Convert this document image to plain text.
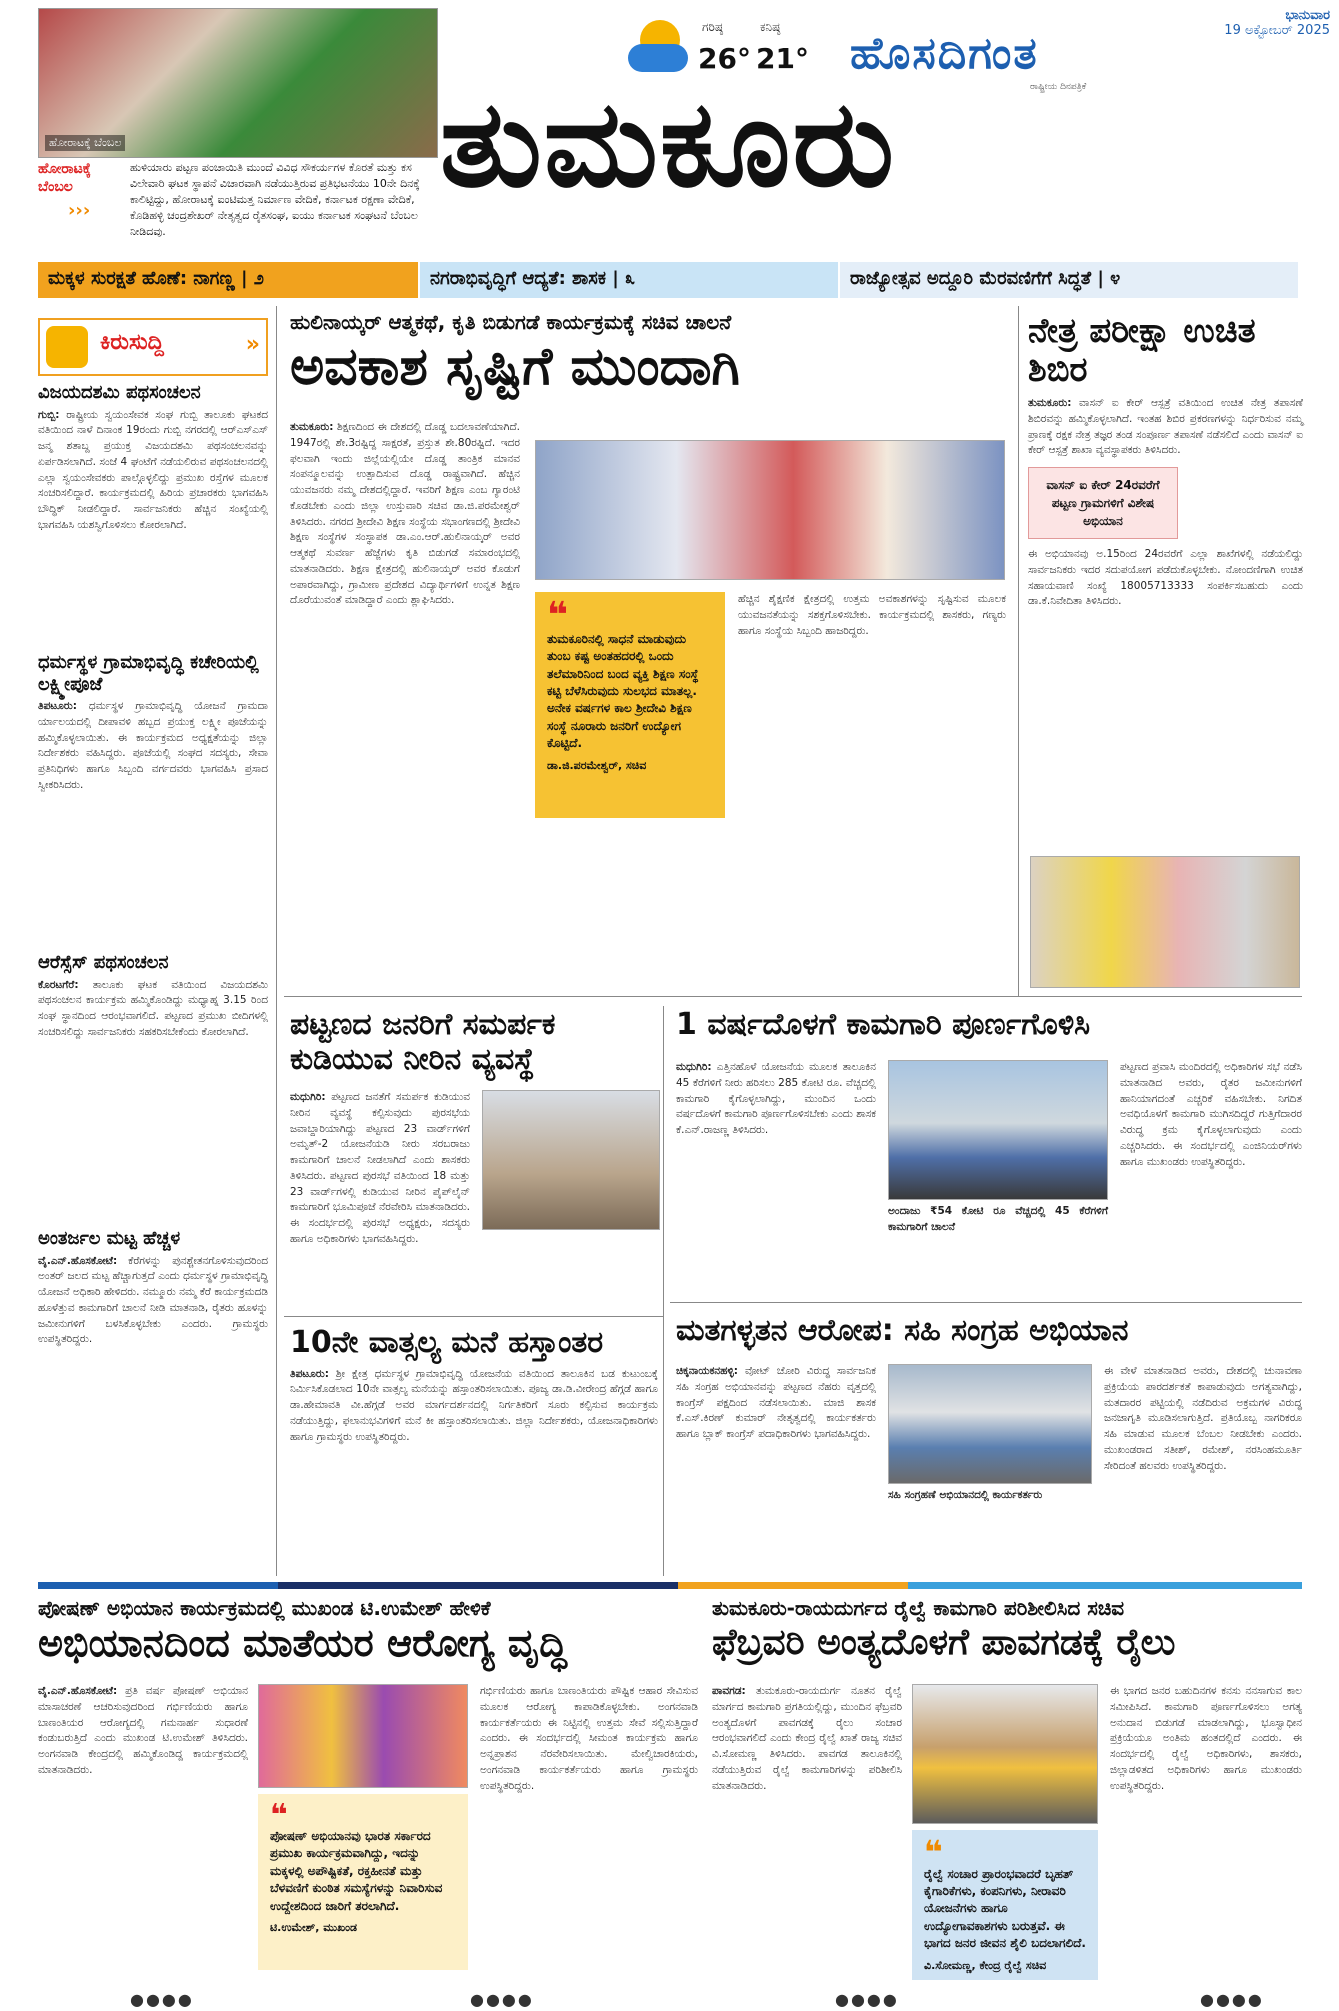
ಹೋರಾಟಕ್ಕೆ ಬೆಂಬಲ
ಗರಿಷ್ಠ
26°
ಕನಿಷ್ಠ
21° ಹೊಸದಿಗಂತ
ರಾಷ್ಟ್ರೀಯ ದಿನಪತ್ರಿಕೆ
ಭಾನುವಾರ
19 ಅಕ್ಟೋಬರ್ 2025
ತುಮಕೂರು
ಹೋರಾಟಕ್ಕೆ ಬೆಂಬಲ
›››
ಹುಳಿಯಾರು ಪಟ್ಟಣ ಪಂಚಾಯಿತಿ ಮುಂದೆ ವಿವಿಧ ಸೌಕರ್ಯಗಳ ಕೊರತೆ ಮತ್ತು ಕಸ ವಿಲೇವಾರಿ ಘಟಕ ಸ್ಥಾಪನೆ ವಿಚಾರವಾಗಿ ನಡೆಯುತ್ತಿರುವ ಪ್ರತಿಭಟನೆಯು 10ನೇ ದಿನಕ್ಕೆ ಕಾಲಿಟ್ಟಿದ್ದು, ಹೋರಾಟಕ್ಕೆ ಐಂಟಿಮತ್ತ ನಿರ್ಮಾಣ ವೇದಿಕೆ, ಕರ್ನಾಟಕ ರಕ್ಷಣಾ ವೇದಿಕೆ, ಕೊಡಿಹಳ್ಳಿ ಚಂದ್ರಶೇಖರ್ ನೇತೃತ್ವದ ರೈತಸಂಘ, ಐಯು ಕರ್ನಾಟಕ ಸಂಘಟನೆ ಬೆಂಬಲ ನೀಡಿದವು.
ಮಕ್ಕಳ ಸುರಕ್ಷತೆ ಹೊಣೆ: ನಾಗಣ್ಣ | ೨	ನಗರಾಭಿವೃದ್ಧಿಗೆ ಆದ್ಯತೆ: ಶಾಸಕ | ೩	ರಾಜ್ಯೋತ್ಸವ ಅದ್ದೂರಿ ಮೆರವಣಿಗೆಗೆ ಸಿದ್ಧತೆ | ೪
ಕಿರುಸುದ್ದಿ	»
ವಿಜಯದಶಮಿ ಪಥಸಂಚಲನ
ಗುಬ್ಬಿ: ರಾಷ್ಟ್ರೀಯ ಸ್ವಯಂಸೇವಕ ಸಂಘ ಗುಬ್ಬಿ ತಾಲೂಕು ಘಟಕದ ವತಿಯಿಂದ ನಾಳೆ ದಿನಾಂಕ 19ರಂದು ಗುಬ್ಬಿ ನಗರದಲ್ಲಿ ಆರ್‌ಎಸ್‌ಎಸ್ ಜನ್ಮ ಶತಾಬ್ದ ಪ್ರಯುಕ್ತ ವಿಜಯದಶಮಿ ಪಥಸಂಚಲನವನ್ನು ಏರ್ಪಡಿಸಲಾಗಿದೆ. ಸಂಜೆ 4 ಘಂಟೆಗೆ ನಡೆಯಲಿರುವ ಪಥಸಂಚಲನದಲ್ಲಿ ಎಲ್ಲಾ ಸ್ವಯಂಸೇವಕರು ಪಾಲ್ಗೊಳ್ಳಲಿದ್ದು ಪ್ರಮುಖ ರಸ್ತೆಗಳ ಮೂಲಕ ಸಂಚರಿಸಲಿದ್ದಾರೆ. ಕಾರ್ಯಕ್ರಮದಲ್ಲಿ ಹಿರಿಯ ಪ್ರಚಾರಕರು ಭಾಗವಹಿಸಿ ಬೌದ್ಧಿಕ್ ನೀಡಲಿದ್ದಾರೆ. ಸಾರ್ವಜನಿಕರು ಹೆಚ್ಚಿನ ಸಂಖ್ಯೆಯಲ್ಲಿ ಭಾಗವಹಿಸಿ ಯಶಸ್ವಿಗೊಳಿಸಲು ಕೋರಲಾಗಿದೆ.
ಧರ್ಮಸ್ಥಳ ಗ್ರಾಮಾಭಿವೃದ್ಧಿ ಕಚೇರಿಯಲ್ಲಿ ಲಕ್ಷ್ಮೀಪೂಜೆ
ತಿಪಟೂರು: ಧರ್ಮಸ್ಥಳ ಗ್ರಾಮಾಭಿವೃದ್ಧಿ ಯೋಜನೆ ಗ್ರಾಮದಾ ರ್ಯಾಲಯದಲ್ಲಿ ದೀಪಾವಳಿ ಹಬ್ಬದ ಪ್ರಯುಕ್ತ ಲಕ್ಷ್ಮೀ ಪೂಜೆಯನ್ನು ಹಮ್ಮಿಕೊಳ್ಳಲಾಯಿತು. ಈ ಕಾರ್ಯಕ್ರಮದ ಅಧ್ಯಕ್ಷತೆಯನ್ನು ಜಿಲ್ಲಾ ನಿರ್ದೇಶಕರು ವಹಿಸಿದ್ದರು. ಪೂಜೆಯಲ್ಲಿ ಸಂಘದ ಸದಸ್ಯರು, ಸೇವಾ ಪ್ರತಿನಿಧಿಗಳು ಹಾಗೂ ಸಿಬ್ಬಂದಿ ವರ್ಗದವರು ಭಾಗವಹಿಸಿ ಪ್ರಸಾದ ಸ್ವೀಕರಿಸಿದರು.
ಆರೆಸ್ಸೆಸ್ ಪಥಸಂಚಲನ
ಕೊರಟಗೆರೆ: ತಾಲೂಕು ಘಟಕ ವತಿಯಿಂದ ವಿಜಯದಶಮಿ ಪಥಸಂಚಲನ ಕಾರ್ಯಕ್ರಮ ಹಮ್ಮಿಕೊಂಡಿದ್ದು ಮಧ್ಯಾಹ್ನ 3.15 ರಿಂದ ಸಂಘ ಸ್ಥಾನದಿಂದ ಆರಂಭವಾಗಲಿದೆ. ಪಟ್ಟಣದ ಪ್ರಮುಖ ಬೀದಿಗಳಲ್ಲಿ ಸಂಚರಿಸಲಿದ್ದು ಸಾರ್ವಜನಿಕರು ಸಹಕರಿಸಬೇಕೆಂದು ಕೋರಲಾಗಿದೆ.
ಅಂತರ್ಜಲ ಮಟ್ಟ ಹೆಚ್ಚಳ
ವೈ.ಎನ್.ಹೊಸಕೋಟೆ: ಕೆರೆಗಳನ್ನು ಪುನಶ್ಚೇತನಗೊಳಿಸುವುದರಿಂದ ಅಂತರ್ ಜಲದ ಮಟ್ಟ ಹೆಚ್ಚಾಗುತ್ತದೆ ಎಂದು ಧರ್ಮಸ್ಥಳ ಗ್ರಾಮಾಭಿವೃದ್ಧಿ ಯೋಜನೆ ಅಧಿಕಾರಿ ಹೇಳಿದರು. ನಮ್ಮೂರು ನಮ್ಮ ಕೆರೆ ಕಾರ್ಯಕ್ರಮದಡಿ ಹೂಳೆತ್ತುವ ಕಾಮಗಾರಿಗೆ ಚಾಲನೆ ನೀಡಿ ಮಾತನಾಡಿ, ರೈತರು ಹೂಳನ್ನು ಜಮೀನುಗಳಿಗೆ ಬಳಸಿಕೊಳ್ಳಬೇಕು ಎಂದರು. ಗ್ರಾಮಸ್ಥರು ಉಪಸ್ಥಿತರಿದ್ದರು.
ಹುಲಿನಾಯ್ಕರ್ ಆತ್ಮಕಥೆ, ಕೃತಿ ಬಿಡುಗಡೆ ಕಾರ್ಯಕ್ರಮಕ್ಕೆ ಸಚಿವ ಚಾಲನೆ
ಅವಕಾಶ ಸೃಷ್ಟಿಗೆ ಮುಂದಾಗಿ
ತುಮಕೂರು: ಶಿಕ್ಷಣದಿಂದ ಈ ದೇಶದಲ್ಲಿ ದೊಡ್ಡ ಬದಲಾವಣೆಯಾಗಿದೆ. 1947ರಲ್ಲಿ ಶೇ.3ರಷ್ಟಿದ್ದ ಸಾಕ್ಷರತೆ, ಪ್ರಸ್ತುತ ಶೇ.80ರಷ್ಟಿದೆ. ಇದರ ಫಲವಾಗಿ ಇಂದು ಜಿಲ್ಲೆಯಲ್ಲಿಯೇ ದೊಡ್ಡ ತಾಂತ್ರಿಕ ಮಾನವ ಸಂಪನ್ಮೂಲವನ್ನು ಉತ್ಪಾದಿಸುವ ದೊಡ್ಡ ರಾಷ್ಟ್ರವಾಗಿದೆ. ಹೆಚ್ಚಿನ ಯುವಜನರು ನಮ್ಮ ದೇಶದಲ್ಲಿದ್ದಾರೆ. ಇವರಿಗೆ ಶಿಕ್ಷಣ ಎಂಬ ಗ್ಯಾರಂಟಿ ಕೊಡಬೇಕು ಎಂದು ಜಿಲ್ಲಾ ಉಸ್ತುವಾರಿ ಸಚಿವ ಡಾ.ಜಿ.ಪರಮೇಶ್ವರ್ ತಿಳಿಸಿದರು. ನಗರದ ಶ್ರೀದೇವಿ ಶಿಕ್ಷಣ ಸಂಸ್ಥೆಯ ಸಭಾಂಗಣದಲ್ಲಿ ಶ್ರೀದೇವಿ ಶಿಕ್ಷಣ ಸಂಸ್ಥೆಗಳ ಸಂಸ್ಥಾಪಕ ಡಾ.ಎಂ.ಆರ್.ಹುಲಿನಾಯ್ಕರ್ ಅವರ ಆತ್ಮಕಥೆ ಸುವರ್ಣ ಹೆಜ್ಜೆಗಳು ಕೃತಿ ಬಿಡುಗಡೆ ಸಮಾರಂಭದಲ್ಲಿ ಮಾತನಾಡಿದರು. ಶಿಕ್ಷಣ ಕ್ಷೇತ್ರದಲ್ಲಿ ಹುಲಿನಾಯ್ಕರ್ ಅವರ ಕೊಡುಗೆ ಅಪಾರವಾಗಿದ್ದು, ಗ್ರಾಮೀಣ ಪ್ರದೇಶದ ವಿದ್ಯಾರ್ಥಿಗಳಿಗೆ ಉನ್ನತ ಶಿಕ್ಷಣ ದೊರೆಯುವಂತೆ ಮಾಡಿದ್ದಾರೆ ಎಂದು ಶ್ಲಾಘಿಸಿದರು.	❝
ತುಮಕೂರಿನಲ್ಲಿ ಸಾಧನೆ ಮಾಡುವುದು ತುಂಬ ಕಷ್ಟ ಅಂತಹದರಲ್ಲಿ ಒಂದು ತಲೆಮಾರಿನಿಂದ ಬಂದ ವ್ಯಕ್ತಿ ಶಿಕ್ಷಣ ಸಂಸ್ಥೆ ಕಟ್ಟಿ ಬೆಳೆಸಿರುವುದು ಸುಲಭದ ಮಾತಲ್ಲ. ಅನೇಕ ವರ್ಷಗಳ ಕಾಲ ಶ್ರೀದೇವಿ ಶಿಕ್ಷಣ ಸಂಸ್ಥೆ ನೂರಾರು ಜನರಿಗೆ ಉದ್ಯೋಗ ಕೊಟ್ಟಿದೆ.
ಡಾ.ಜಿ.ಪರಮೇಶ್ವರ್, ಸಚಿವ
ಹೆಚ್ಚಿನ ಶೈಕ್ಷಣಿಕ ಕ್ಷೇತ್ರದಲ್ಲಿ ಉತ್ತಮ ಅವಕಾಶಗಳನ್ನು ಸೃಷ್ಟಿಸುವ ಮೂಲಕ ಯುವಜನತೆಯನ್ನು ಸಶಕ್ತಗೊಳಿಸಬೇಕು. ಕಾರ್ಯಕ್ರಮದಲ್ಲಿ ಶಾಸಕರು, ಗಣ್ಯರು ಹಾಗೂ ಸಂಸ್ಥೆಯ ಸಿಬ್ಬಂದಿ ಹಾಜರಿದ್ದರು.
ನೇತ್ರ ಪರೀಕ್ಷಾ ಉಚಿತ ಶಿಬಿರ
ತುಮಕೂರು: ವಾಸನ್ ಐ ಕೇರ್ ಆಸ್ಪತ್ರೆ ವತಿಯಿಂದ ಉಚಿತ ನೇತ್ರ ತಪಾಸಣೆ ಶಿಬಿರವನ್ನು ಹಮ್ಮಿಕೊಳ್ಳಲಾಗಿದೆ. ಇಂತಹ ಶಿಬಿರ ಪ್ರಕರಣಗಳನ್ನು ನಿರ್ಧರಿಸುವ ನಮ್ಮ ಪ್ರಾಣಕ್ಕೆ ರಕ್ಷಕ ನೇತ್ರ ತಜ್ಞರ ತಂಡ ಸಂಪೂರ್ಣ ತಪಾಸಣೆ ನಡೆಸಲಿದೆ ಎಂದು ವಾಸನ್ ಐ ಕೇರ್ ಆಸ್ಪತ್ರೆ ಶಾಖಾ ವ್ಯವಸ್ಥಾಪಕರು ತಿಳಿಸಿದರು.
ವಾಸನ್ ಐ ಕೇರ್ 24ರವರೆಗೆ ಪಟ್ಟಣ ಗ್ರಾಮಗಳಿಗೆ ವಿಶೇಷ ಅಭಿಯಾನ
ಈ ಅಭಿಯಾನವು ಅ.15ರಿಂದ 24ರವರೆಗೆ ಎಲ್ಲಾ ಶಾಖೆಗಳಲ್ಲಿ ನಡೆಯಲಿದ್ದು ಸಾರ್ವಜನಿಕರು ಇದರ ಸದುಪಯೋಗ ಪಡೆದುಕೊಳ್ಳಬೇಕು. ನೋಂದಣಿಗಾಗಿ ಉಚಿತ ಸಹಾಯವಾಣಿ ಸಂಖ್ಯೆ 18005713333 ಸಂಪರ್ಕಿಸಬಹುದು ಎಂದು ಡಾ.ಕೆ.ನಿವೇದಿತಾ ತಿಳಿಸಿದರು.
ಪಟ್ಟಣದ ಜನರಿಗೆ ಸಮರ್ಪಕ ಕುಡಿಯುವ ನೀರಿನ ವ್ಯವಸ್ಥೆ
ಮಧುಗಿರಿ: ಪಟ್ಟಣದ ಜನತೆಗೆ ಸಮರ್ಪಕ ಕುಡಿಯುವ ನೀರಿನ ವ್ಯವಸ್ಥೆ ಕಲ್ಪಿಸುವುದು ಪುರಸಭೆಯ ಜವಾಬ್ದಾರಿಯಾಗಿದ್ದು ಪಟ್ಟಣದ 23 ವಾರ್ಡ್‌ಗಳಿಗೆ ಅಮೃತ್-2 ಯೋಜನೆಯಡಿ ನೀರು ಸರಬರಾಜು ಕಾಮಗಾರಿಗೆ ಚಾಲನೆ ನೀಡಲಾಗಿದೆ ಎಂದು ಶಾಸಕರು ತಿಳಿಸಿದರು. ಪಟ್ಟಣದ ಪುರಸಭೆ ವತಿಯಿಂದ 18 ಮತ್ತು 23 ವಾರ್ಡ್‌ಗಳಲ್ಲಿ ಕುಡಿಯುವ ನೀರಿನ ಪೈಪ್‌ಲೈನ್ ಕಾಮಗಾರಿಗೆ ಭೂಮಿಪೂಜೆ ನೆರವೇರಿಸಿ ಮಾತನಾಡಿದರು. ಈ ಸಂದರ್ಭದಲ್ಲಿ ಪುರಸಭೆ ಅಧ್ಯಕ್ಷರು, ಸದಸ್ಯರು ಹಾಗೂ ಅಧಿಕಾರಿಗಳು ಭಾಗವಹಿಸಿದ್ದರು.
1 ವರ್ಷದೊಳಗೆ ಕಾಮಗಾರಿ ಪೂರ್ಣಗೊಳಿಸಿ
ಮಧುಗಿರಿ: ಎತ್ತಿನಹೊಳೆ ಯೋಜನೆಯ ಮೂಲಕ ತಾಲೂಕಿನ 45 ಕೆರೆಗಳಿಗೆ ನೀರು ಹರಿಸಲು 285 ಕೋಟಿ ರೂ. ವೆಚ್ಚದಲ್ಲಿ ಕಾಮಗಾರಿ ಕೈಗೊಳ್ಳಲಾಗಿದ್ದು, ಮುಂದಿನ ಒಂದು ವರ್ಷದೊಳಗೆ ಕಾಮಗಾರಿ ಪೂರ್ಣಗೊಳಿಸಬೇಕು ಎಂದು ಶಾಸಕ ಕೆ.ಎನ್.ರಾಜಣ್ಣ ತಿಳಿಸಿದರು.
ಅಂದಾಜು ₹54 ಕೋಟಿ ರೂ ವೆಚ್ಚದಲ್ಲಿ 45 ಕೆರೆಗಳಿಗೆ ಕಾಮಗಾರಿಗೆ ಚಾಲನೆ
ಪಟ್ಟಣದ ಪ್ರವಾಸಿ ಮಂದಿರದಲ್ಲಿ ಅಧಿಕಾರಿಗಳ ಸಭೆ ನಡೆಸಿ ಮಾತನಾಡಿದ ಅವರು, ರೈತರ ಜಮೀನುಗಳಿಗೆ ಹಾನಿಯಾಗದಂತೆ ಎಚ್ಚರಿಕೆ ವಹಿಸಬೇಕು. ನಿಗದಿತ ಅವಧಿಯೊಳಗೆ ಕಾಮಗಾರಿ ಮುಗಿಸದಿದ್ದರೆ ಗುತ್ತಿಗೆದಾರರ ವಿರುದ್ಧ ಕ್ರಮ ಕೈಗೊಳ್ಳಲಾಗುವುದು ಎಂದು ಎಚ್ಚರಿಸಿದರು. ಈ ಸಂದರ್ಭದಲ್ಲಿ ಎಂಜಿನಿಯರ್‌ಗಳು ಹಾಗೂ ಮುಖಂಡರು ಉಪಸ್ಥಿತರಿದ್ದರು.
10ನೇ ವಾತ್ಸಲ್ಯ ಮನೆ ಹಸ್ತಾಂತರ
ತಿಪಟೂರು: ಶ್ರೀ ಕ್ಷೇತ್ರ ಧರ್ಮಸ್ಥಳ ಗ್ರಾಮಾಭಿವೃದ್ಧಿ ಯೋಜನೆಯ ವತಿಯಿಂದ ತಾಲೂಕಿನ ಬಡ ಕುಟುಂಬಕ್ಕೆ ನಿರ್ಮಿಸಿಕೊಡಲಾದ 10ನೇ ವಾತ್ಸಲ್ಯ ಮನೆಯನ್ನು ಹಸ್ತಾಂತರಿಸಲಾಯಿತು. ಪೂಜ್ಯ ಡಾ.ಡಿ.ವೀರೇಂದ್ರ ಹೆಗ್ಗಡೆ ಹಾಗೂ ಡಾ.ಹೇಮಾವತಿ ವೀ.ಹೆಗ್ಗಡೆ ಅವರ ಮಾರ್ಗದರ್ಶನದಲ್ಲಿ ನಿರ್ಗತಿಕರಿಗೆ ಸೂರು ಕಲ್ಪಿಸುವ ಕಾರ್ಯಕ್ರಮ ನಡೆಯುತ್ತಿದ್ದು, ಫಲಾನುಭವಿಗಳಿಗೆ ಮನೆ ಕೀ ಹಸ್ತಾಂತರಿಸಲಾಯಿತು. ಜಿಲ್ಲಾ ನಿರ್ದೇಶಕರು, ಯೋಜನಾಧಿಕಾರಿಗಳು ಹಾಗೂ ಗ್ರಾಮಸ್ಥರು ಉಪಸ್ಥಿತರಿದ್ದರು.
ಮತಗಳ್ಳತನ ಆರೋಪ: ಸಹಿ ಸಂಗ್ರಹ ಅಭಿಯಾನ
ಚಿಕ್ಕನಾಯಕನಹಳ್ಳಿ: ವೋಟ್ ಚೋರಿ ವಿರುದ್ಧ ಸಾರ್ವಜನಿಕ ಸಹಿ ಸಂಗ್ರಹ ಅಭಿಯಾನವನ್ನು ಪಟ್ಟಣದ ನೆಹರು ವೃತ್ತದಲ್ಲಿ ಕಾಂಗ್ರೆಸ್ ಪಕ್ಷದಿಂದ ನಡೆಸಲಾಯಿತು. ಮಾಜಿ ಶಾಸಕ ಕೆ.ಎಸ್.ಕಿರಣ್ ಕುಮಾರ್ ನೇತೃತ್ವದಲ್ಲಿ ಕಾರ್ಯಕರ್ತರು ಹಾಗೂ ಬ್ಲಾಕ್ ಕಾಂಗ್ರೆಸ್ ಪದಾಧಿಕಾರಿಗಳು ಭಾಗವಹಿಸಿದ್ದರು.
ಸಹಿ ಸಂಗ್ರಹಣೆ ಅಭಿಯಾನದಲ್ಲಿ ಕಾರ್ಯಕರ್ತರು
ಈ ವೇಳೆ ಮಾತನಾಡಿದ ಅವರು, ದೇಶದಲ್ಲಿ ಚುನಾವಣಾ ಪ್ರಕ್ರಿಯೆಯ ಪಾರದರ್ಶಕತೆ ಕಾಪಾಡುವುದು ಅಗತ್ಯವಾಗಿದ್ದು, ಮತದಾರರ ಪಟ್ಟಿಯಲ್ಲಿ ನಡೆದಿರುವ ಅಕ್ರಮಗಳ ವಿರುದ್ಧ ಜನಜಾಗೃತಿ ಮೂಡಿಸಲಾಗುತ್ತಿದೆ. ಪ್ರತಿಯೊಬ್ಬ ನಾಗರಿಕರೂ ಸಹಿ ಮಾಡುವ ಮೂಲಕ ಬೆಂಬಲ ನೀಡಬೇಕು ಎಂದರು. ಮುಖಂಡರಾದ ಸತೀಶ್, ರಮೇಶ್, ನರಸಿಂಹಮೂರ್ತಿ ಸೇರಿದಂತೆ ಹಲವರು ಉಪಸ್ಥಿತರಿದ್ದರು.
ಪೋಷಣ್ ಅಭಿಯಾನ ಕಾರ್ಯಕ್ರಮದಲ್ಲಿ ಮುಖಂಡ ಟಿ.ಉಮೇಶ್ ಹೇಳಿಕೆ
ಅಭಿಯಾನದಿಂದ ಮಾತೆಯರ ಆರೋಗ್ಯ ವೃದ್ಧಿ
ವೈ.ಎನ್.ಹೊಸಕೋಟೆ: ಪ್ರತಿ ವರ್ಷ ಪೋಷಣ್ ಅಭಿಯಾನ ಮಾಸಾಚರಣೆ ಆಚರಿಸುವುದರಿಂದ ಗರ್ಭಿಣಿಯರು ಹಾಗೂ ಬಾಣಂತಿಯರ ಆರೋಗ್ಯದಲ್ಲಿ ಗಮನಾರ್ಹ ಸುಧಾರಣೆ ಕಂಡುಬರುತ್ತಿದೆ ಎಂದು ಮುಖಂಡ ಟಿ.ಉಮೇಶ್ ತಿಳಿಸಿದರು. ಅಂಗನವಾಡಿ ಕೇಂದ್ರದಲ್ಲಿ ಹಮ್ಮಿಕೊಂಡಿದ್ದ ಕಾರ್ಯಕ್ರಮದಲ್ಲಿ ಮಾತನಾಡಿದರು.
❝
ಪೋಷಣ್ ಅಭಿಯಾನವು ಭಾರತ ಸರ್ಕಾರದ ಪ್ರಮುಖ ಕಾರ್ಯಕ್ರಮವಾಗಿದ್ದು, ಇದನ್ನು ಮಕ್ಕಳಲ್ಲಿ ಅಪೌಷ್ಟಿಕತೆ, ರಕ್ತಹೀನತೆ ಮತ್ತು ಬೆಳವಣಿಗೆ ಕುಂಠಿತ ಸಮಸ್ಯೆಗಳನ್ನು ನಿವಾರಿಸುವ ಉದ್ದೇಶದಿಂದ ಜಾರಿಗೆ ತರಲಾಗಿದೆ.
ಟಿ.ಉಮೇಶ್, ಮುಖಂಡ
ಗರ್ಭಿಣಿಯರು ಹಾಗೂ ಬಾಣಂತಿಯರು ಪೌಷ್ಟಿಕ ಆಹಾರ ಸೇವಿಸುವ ಮೂಲಕ ಆರೋಗ್ಯ ಕಾಪಾಡಿಕೊಳ್ಳಬೇಕು. ಅಂಗನವಾಡಿ ಕಾರ್ಯಕರ್ತೆಯರು ಈ ನಿಟ್ಟಿನಲ್ಲಿ ಉತ್ತಮ ಸೇವೆ ಸಲ್ಲಿಸುತ್ತಿದ್ದಾರೆ ಎಂದರು. ಈ ಸಂದರ್ಭದಲ್ಲಿ ಸೀಮಂತ ಕಾರ್ಯಕ್ರಮ ಹಾಗೂ ಅನ್ನಪ್ರಾಶನ ನೆರವೇರಿಸಲಾಯಿತು. ಮೇಲ್ವಿಚಾರಕಿಯರು, ಅಂಗನವಾಡಿ ಕಾರ್ಯಕರ್ತೆಯರು ಹಾಗೂ ಗ್ರಾಮಸ್ಥರು ಉಪಸ್ಥಿತರಿದ್ದರು.
ತುಮಕೂರು-ರಾಯದುರ್ಗದ ರೈಲ್ವೆ ಕಾಮಗಾರಿ ಪರಿಶೀಲಿಸಿದ ಸಚಿವ
ಫೆಬ್ರವರಿ ಅಂತ್ಯದೊಳಗೆ ಪಾವಗಡಕ್ಕೆ ರೈಲು
ಪಾವಗಡ: ತುಮಕೂರು-ರಾಯದುರ್ಗ ನೂತನ ರೈಲ್ವೆ ಮಾರ್ಗದ ಕಾಮಗಾರಿ ಪ್ರಗತಿಯಲ್ಲಿದ್ದು, ಮುಂದಿನ ಫೆಬ್ರವರಿ ಅಂತ್ಯದೊಳಗೆ ಪಾವಗಡಕ್ಕೆ ರೈಲು ಸಂಚಾರ ಆರಂಭವಾಗಲಿದೆ ಎಂದು ಕೇಂದ್ರ ರೈಲ್ವೆ ಖಾತೆ ರಾಜ್ಯ ಸಚಿವ ವಿ.ಸೋಮಣ್ಣ ತಿಳಿಸಿದರು. ಪಾವಗಡ ತಾಲೂಕಿನಲ್ಲಿ ನಡೆಯುತ್ತಿರುವ ರೈಲ್ವೆ ಕಾಮಗಾರಿಗಳನ್ನು ಪರಿಶೀಲಿಸಿ ಮಾತನಾಡಿದರು.
❝
ರೈಲ್ವೆ ಸಂಚಾರ ಪ್ರಾರಂಭವಾದರೆ ಬೃಹತ್ ಕೈಗಾರಿಕೆಗಳು, ಕಂಪನಿಗಳು, ನೀರಾವರಿ ಯೋಜನೆಗಳು ಹಾಗೂ ಉದ್ಯೋಗಾವಕಾಶಗಳು ಬರುತ್ತವೆ. ಈ ಭಾಗದ ಜನರ ಜೀವನ ಶೈಲಿ ಬದಲಾಗಲಿದೆ.
ವಿ.ಸೋಮಣ್ಣ, ಕೇಂದ್ರ ರೈಲ್ವೆ ಸಚಿವ
ಈ ಭಾಗದ ಜನರ ಬಹುದಿನಗಳ ಕನಸು ನನಸಾಗುವ ಕಾಲ ಸಮೀಪಿಸಿದೆ. ಕಾಮಗಾರಿ ಪೂರ್ಣಗೊಳಿಸಲು ಅಗತ್ಯ ಅನುದಾನ ಬಿಡುಗಡೆ ಮಾಡಲಾಗಿದ್ದು, ಭೂಸ್ವಾಧೀನ ಪ್ರಕ್ರಿಯೆಯೂ ಅಂತಿಮ ಹಂತದಲ್ಲಿದೆ ಎಂದರು. ಈ ಸಂದರ್ಭದಲ್ಲಿ ರೈಲ್ವೆ ಅಧಿಕಾರಿಗಳು, ಶಾಸಕರು, ಜಿಲ್ಲಾಡಳಿತದ ಅಧಿಕಾರಿಗಳು ಹಾಗೂ ಮುಖಂಡರು ಉಪಸ್ಥಿತರಿದ್ದರು.
●●●●	●●●●	●●●●	●●●●
